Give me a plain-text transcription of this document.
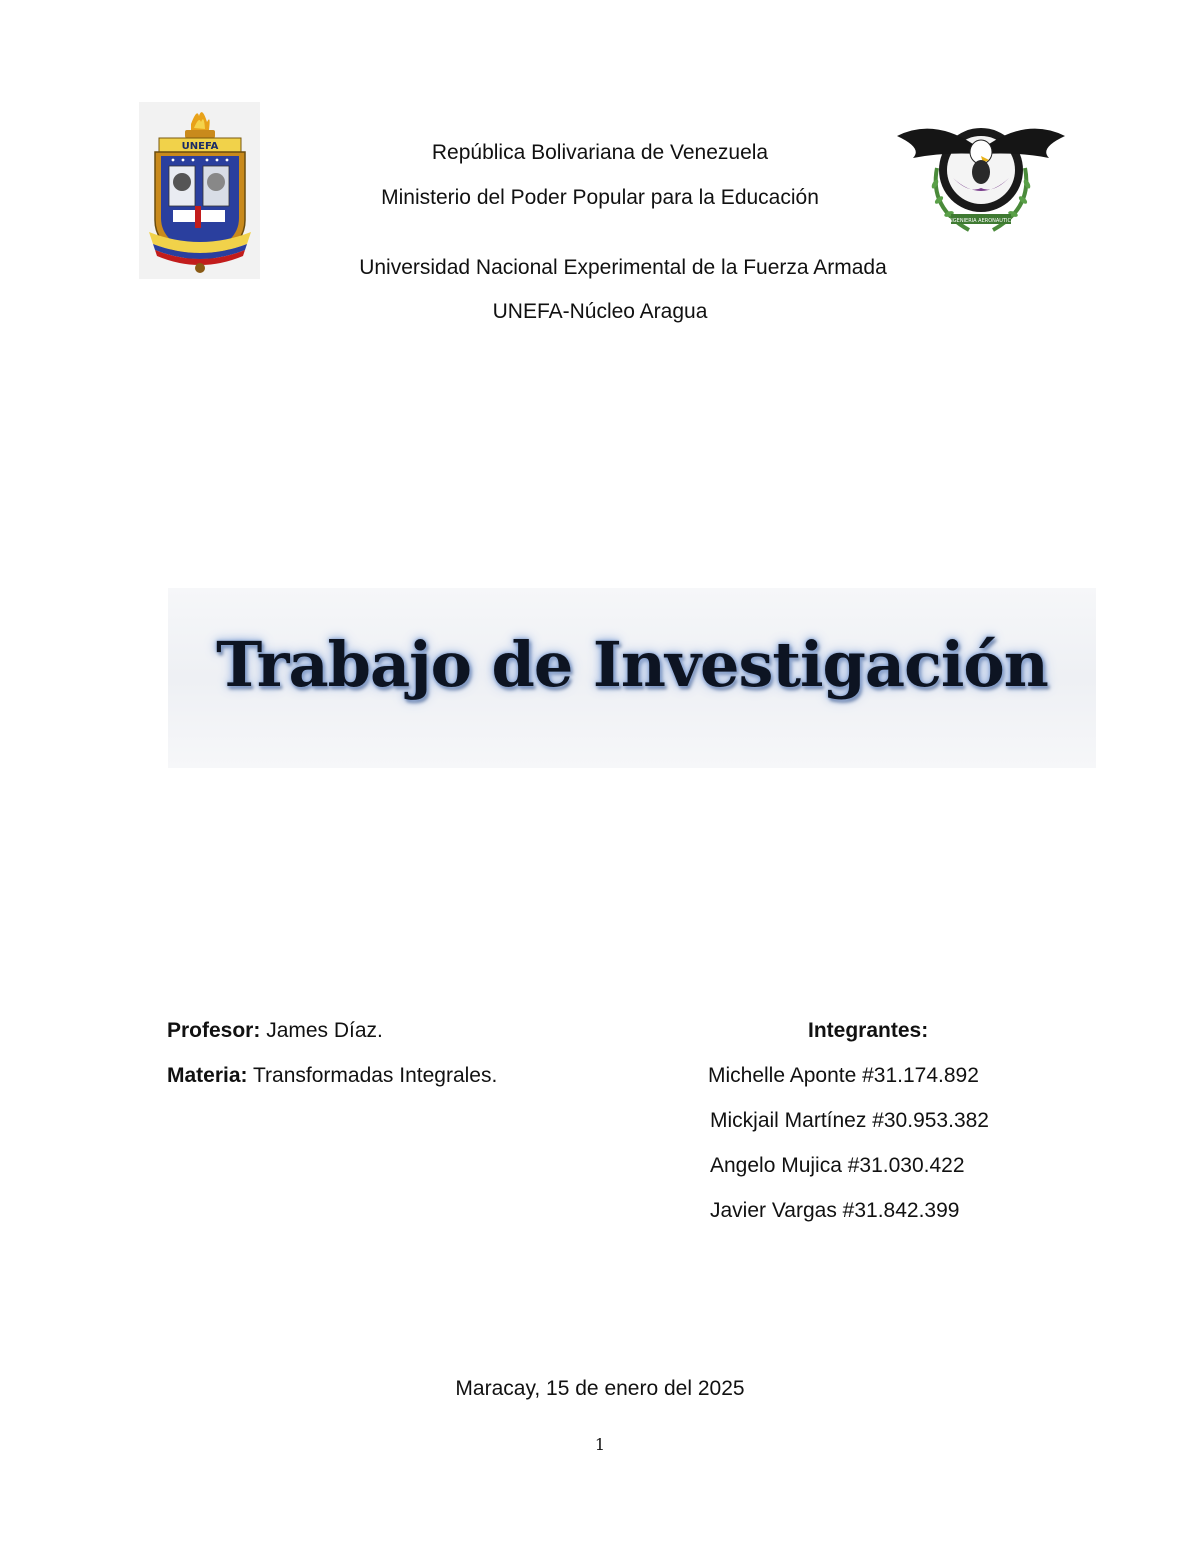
UNEFA	República Bolivariana de Venezuela
Ministerio del Poder Popular para la Educación
Universidad Nacional Experimental de la Fuerza Armada
UNEFA-Núcleo Aragua
INGENIERIA AERONAUTICA
Trabajo de Investigación
Profesor: James Díaz.
Materia: Transformadas Integrales.
Integrantes:
Michelle Aponte #31.174.892
Mickjail Martínez #30.953.382
Angelo Mujica #31.030.422
Javier Vargas #31.842.399
Maracay, 15 de enero del 2025
1
